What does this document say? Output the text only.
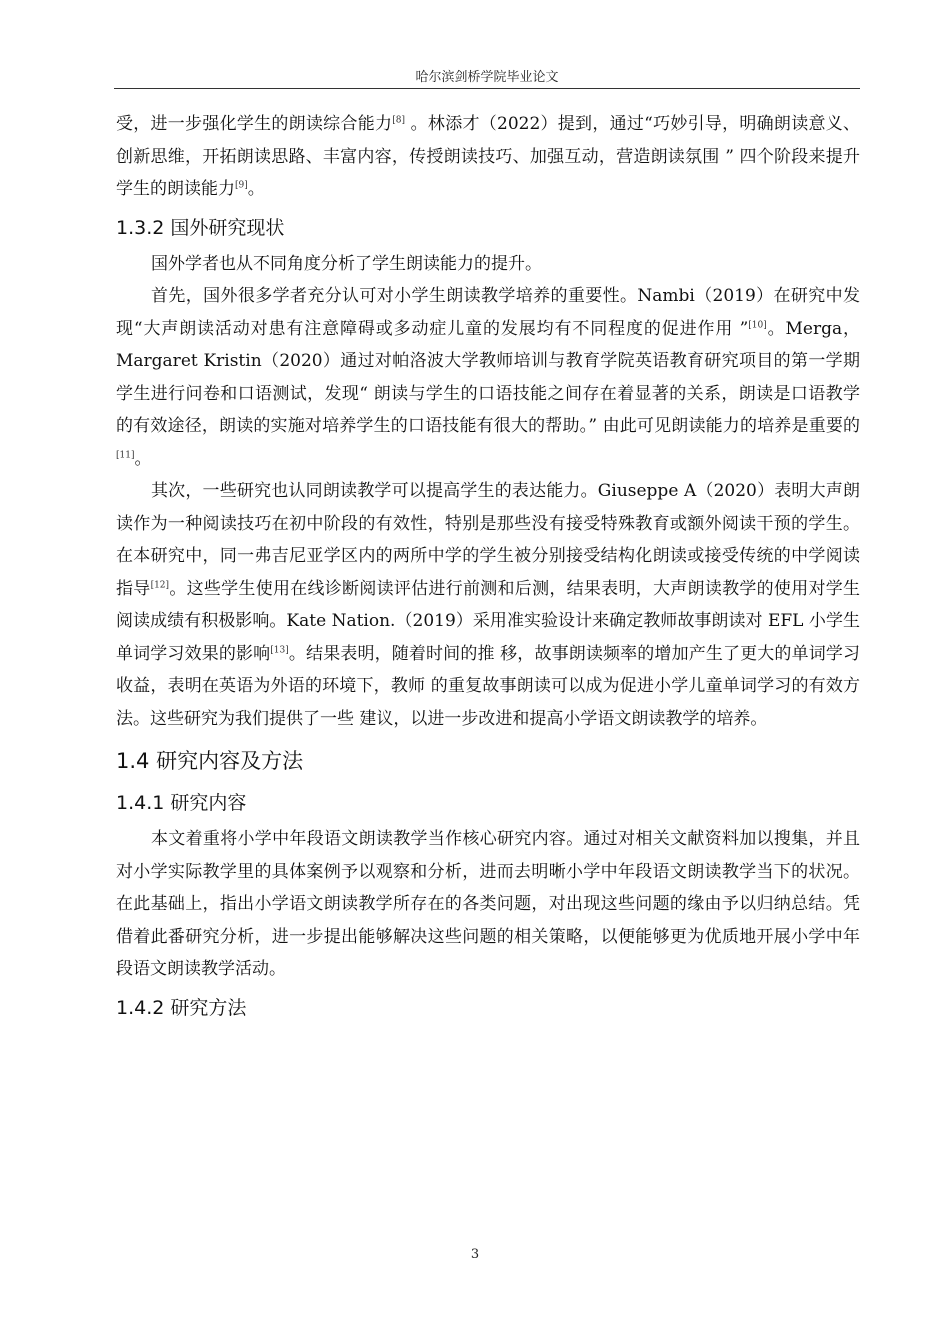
哈尔滨剑桥学院毕业论文

受，进一步强化学生的朗读综合能力[8] 。林添才（2022）提到，通过“巧妙引导，明确朗读意义、创新思维，开拓朗读思路、丰富内容，传授朗读技巧、加强互动，营造朗读氛围 ” 四个阶段来提升学生的朗读能力[9]。

1.3.2 国外研究现状

国外学者也从不同角度分析了学生朗读能力的提升。

首先，国外很多学者充分认可对小学生朗读教学培养的重要性。Nambi（2019）在研究中发现“大声朗读活动对患有注意障碍或多动症儿童的发展均有不同程度的促进作用 ”[10]。Merga，Margaret Kristin（2020）通过对帕洛波大学教师培训与教育学院英语教育研究项目的第一学期学生进行问卷和口语测试，发现“ 朗读与学生的口语技能之间存在着显著的关系，朗读是口语教学的有效途径，朗读的实施对培养学生的口语技能有很大的帮助。” 由此可见朗读能力的培养是重要的[11]。

其次，一些研究也认同朗读教学可以提高学生的表达能力。Giuseppe A（2020）表明大声朗读作为一种阅读技巧在初中阶段的有效性，特别是那些没有接受特殊教育或额外阅读干预的学生。在本研究中，同一弗吉尼亚学区内的两所中学的学生被分别接受结构化朗读或接受传统的中学阅读指导[12]。这些学生使用在线诊断阅读评估进行前测和后测，结果表明，大声朗读教学的使用对学生阅读成绩有积极影响。Kate Nation.（2019）采用准实验设计来确定教师故事朗读对 EFL 小学生单词学习效果的影响[13]。结果表明，随着时间的推 移，故事朗读频率的增加产生了更大的单词学习收益，表明在英语为外语的环境下，教师 的重复故事朗读可以成为促进小学儿童单词学习的有效方法。这些研究为我们提供了一些 建议，以进一步改进和提高小学语文朗读教学的培养。

1.4 研究内容及方法
1.4.1 研究内容

本文着重将小学中年段语文朗读教学当作核心研究内容。通过对相关文献资料加以搜集，并且对小学实际教学里的具体案例予以观察和分析，进而去明晰小学中年段语文朗读教学当下的状况。在此基础上，指出小学语文朗读教学所存在的各类问题，对出现这些问题的缘由予以归纳总结。凭借着此番研究分析，进一步提出能够解决这些问题的相关策略，以便能够更为优质地开展小学中年段语文朗读教学活动。

1.4.2 研究方法
3
